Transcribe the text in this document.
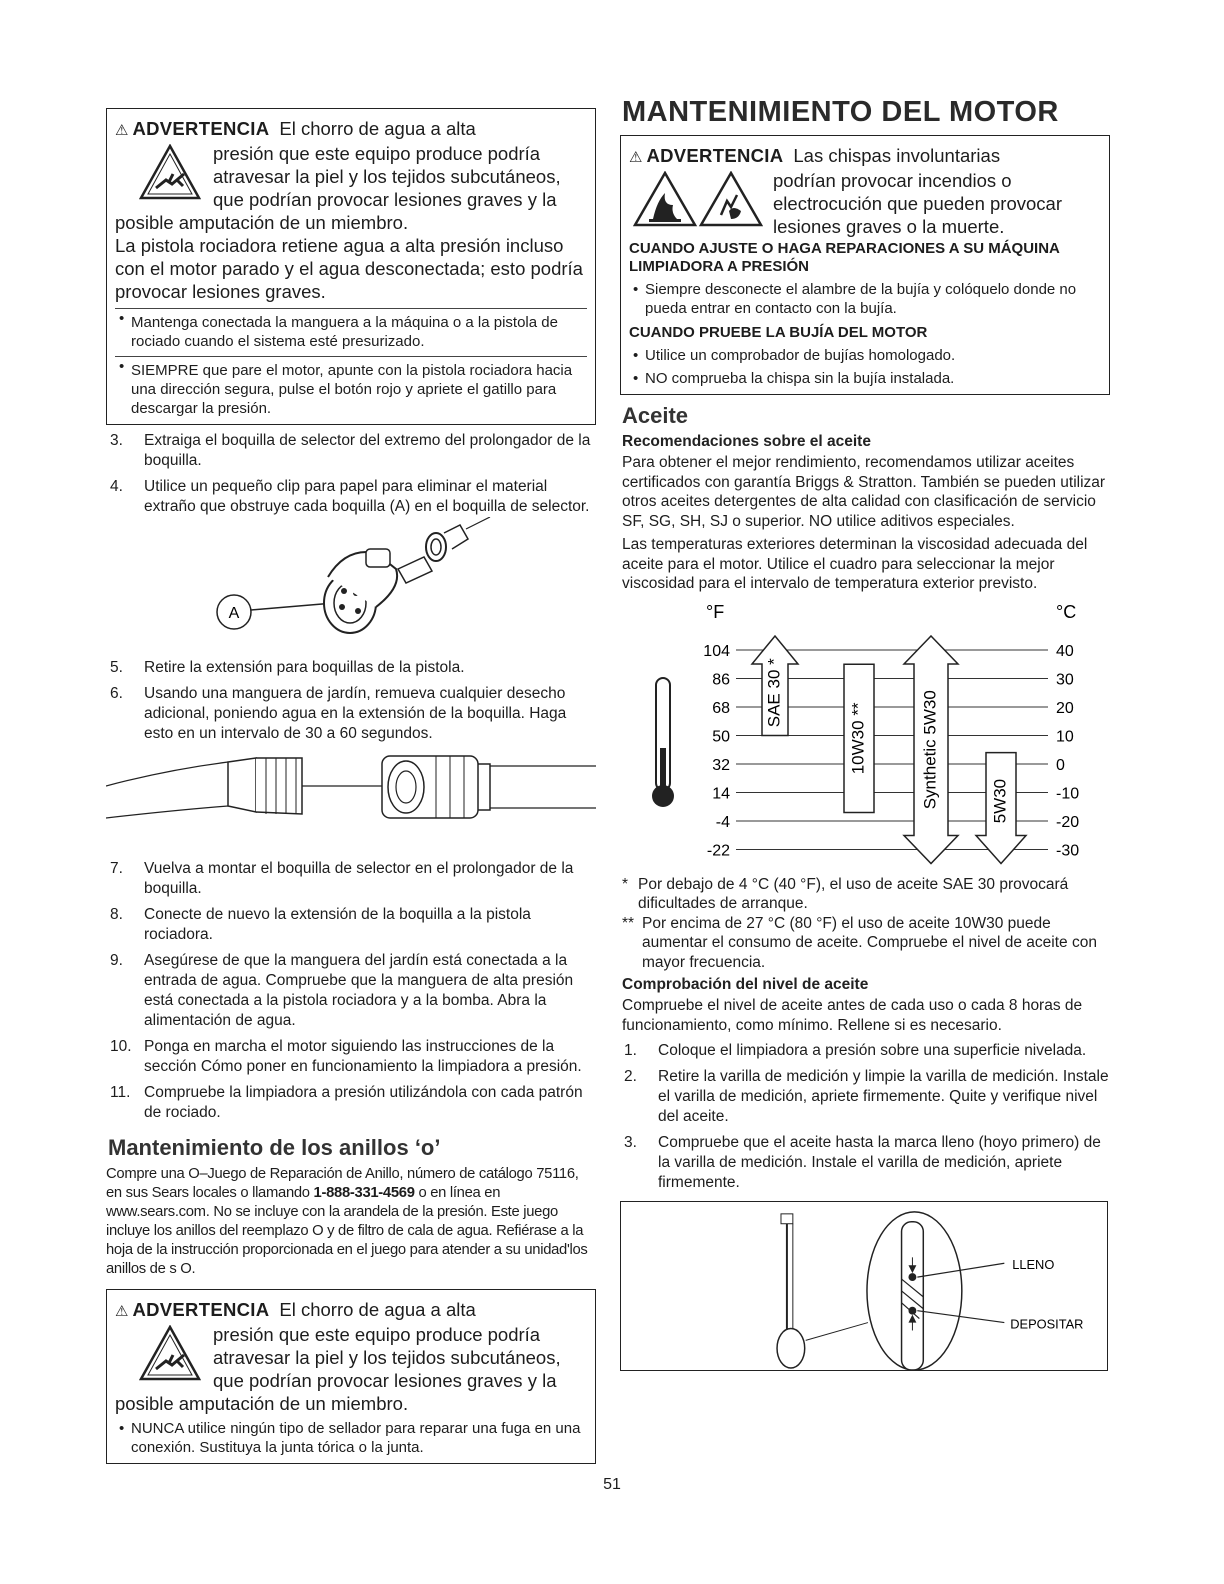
⚠ ADVERTENCIA El chorro de agua a alta
presión que este equipo produce podría atravesar la piel y los tejidos subcutáneos, que podrían provocar lesiones graves y la posible amputación de un miembro.
La pistola rociadora retiene agua a alta presión incluso con el motor parado y el agua desconectada; esto podría provocar lesiones graves.
• Mantenga conectada la manguera a la máquina o a la pistola de rociado cuando el sistema esté presurizado.
• SIEMPRE que pare el motor, apunte con la pistola rociadora hacia una dirección segura, pulse el botón rojo y apriete el gatillo para descargar la presión.
3. Extraiga el boquilla de selector del extremo del prolongador de la boquilla.
4. Utilice un pequeño clip para papel para eliminar el material extraño que obstruye cada boquilla (A) en el boquilla de selector.
A
5. Retire la extensión para boquillas de la pistola.
6. Usando una manguera de jardín, remueva cualquier desecho adicional, poniendo agua en la extensión de la boquilla. Haga esto en un intervalo de 30 a 60 segundos.
7. Vuelva a montar el boquilla de selector en el prolongador de la boquilla.
8. Conecte de nuevo la extensión de la boquilla a la pistola rociadora.
9. Asegúrese de que la manguera del jardín está conectada a la entrada de agua. Compruebe que la manguera de alta presión está conectada a la pistola rociadora y a la bomba. Abra la alimentación de agua.
10. Ponga en marcha el motor siguiendo las instrucciones de la sección Cómo poner en funcionamiento la limpiadora a presión.
11. Compruebe la limpiadora a presión utilizándola con cada patrón de rociado.
Mantenimiento de los anillos ‘o’
Compre una O–Juego de Reparación de Anillo, número de catálogo 75116, en sus Sears locales o llamando 1-888-331-4569 o en línea en www.sears.com. No se incluye con la arandela de la presión. Este juego incluye los anillos del reemplazo O y de filtro de cala de agua. Refiérase a la hoja de la instrucción proporcionada en el juego para atender a su unidad'los anillos de s O.
⚠ ADVERTENCIA El chorro de agua a alta
presión que este equipo produce podría atravesar la piel y los tejidos subcutáneos, que podrían provocar lesiones graves y la posible amputación de un miembro.
• NUNCA utilice ningún tipo de sellador para reparar una fuga en una conexión. Sustituya la junta tórica o la junta.
MANTENIMIENTO DEL MOTOR
⚠ ADVERTENCIA Las chispas involuntarias
podrían provocar incendios o electrocución que pueden provocar lesiones graves o la muerte.
CUANDO AJUSTE O HAGA REPARACIONES A SU MÁQUINA LIMPIADORA A PRESIÓN
• Siempre desconecte el alambre de la bujía y colóquelo donde no pueda entrar en contacto con la bujía.
CUANDO PRUEBE LA BUJÍA DEL MOTOR
• Utilice un comprobador de bujías homologado.
• NO comprueba la chispa sin la bujía instalada.
Aceite
Recomendaciones sobre el aceite
Para obtener el mejor rendimiento, recomendamos utilizar aceites certificados con garantía Briggs & Stratton. También se pueden utilizar otros aceites detergentes de alta calidad con clasificación de servicio SF, SG, SH, SJ o superior. NO utilice aditivos especiales.
Las temperaturas exteriores determinan la viscosidad adecuada del aceite para el motor. Utilice el cuadro para seleccionar la mejor viscosidad para el intervalo de temperatura exterior previsto.
°F	°C
104	40
86	30
68	20
50	10
32	0
14	-10
-4	-20
-22	-30
SAE 30 *
10W30 **	Synthetic 5W30	5W30
* Por debajo de 4 °C (40 °F), el uso de aceite SAE 30 provocará dificultades de arranque.
** Por encima de 27 °C (80 °F) el uso de aceite 10W30 puede aumentar el consumo de aceite. Compruebe el nivel de aceite con mayor frecuencia.
Comprobación del nivel de aceite
Compruebe el nivel de aceite antes de cada uso o cada 8 horas de funcionamiento, como mínimo. Rellene si es necesario.
1. Coloque el limpiadora a presión sobre una superficie nivelada.
2. Retire la varilla de medición y limpie la varilla de medición. Instale el varilla de medición, apriete firmemente. Quite y verifique nivel del aceite.
3. Compruebe que el aceite hasta la marca lleno (hoyo primero) de la varilla de medición. Instale el varilla de medición, apriete firmemente.
LLENO
DEPOSITAR
51
